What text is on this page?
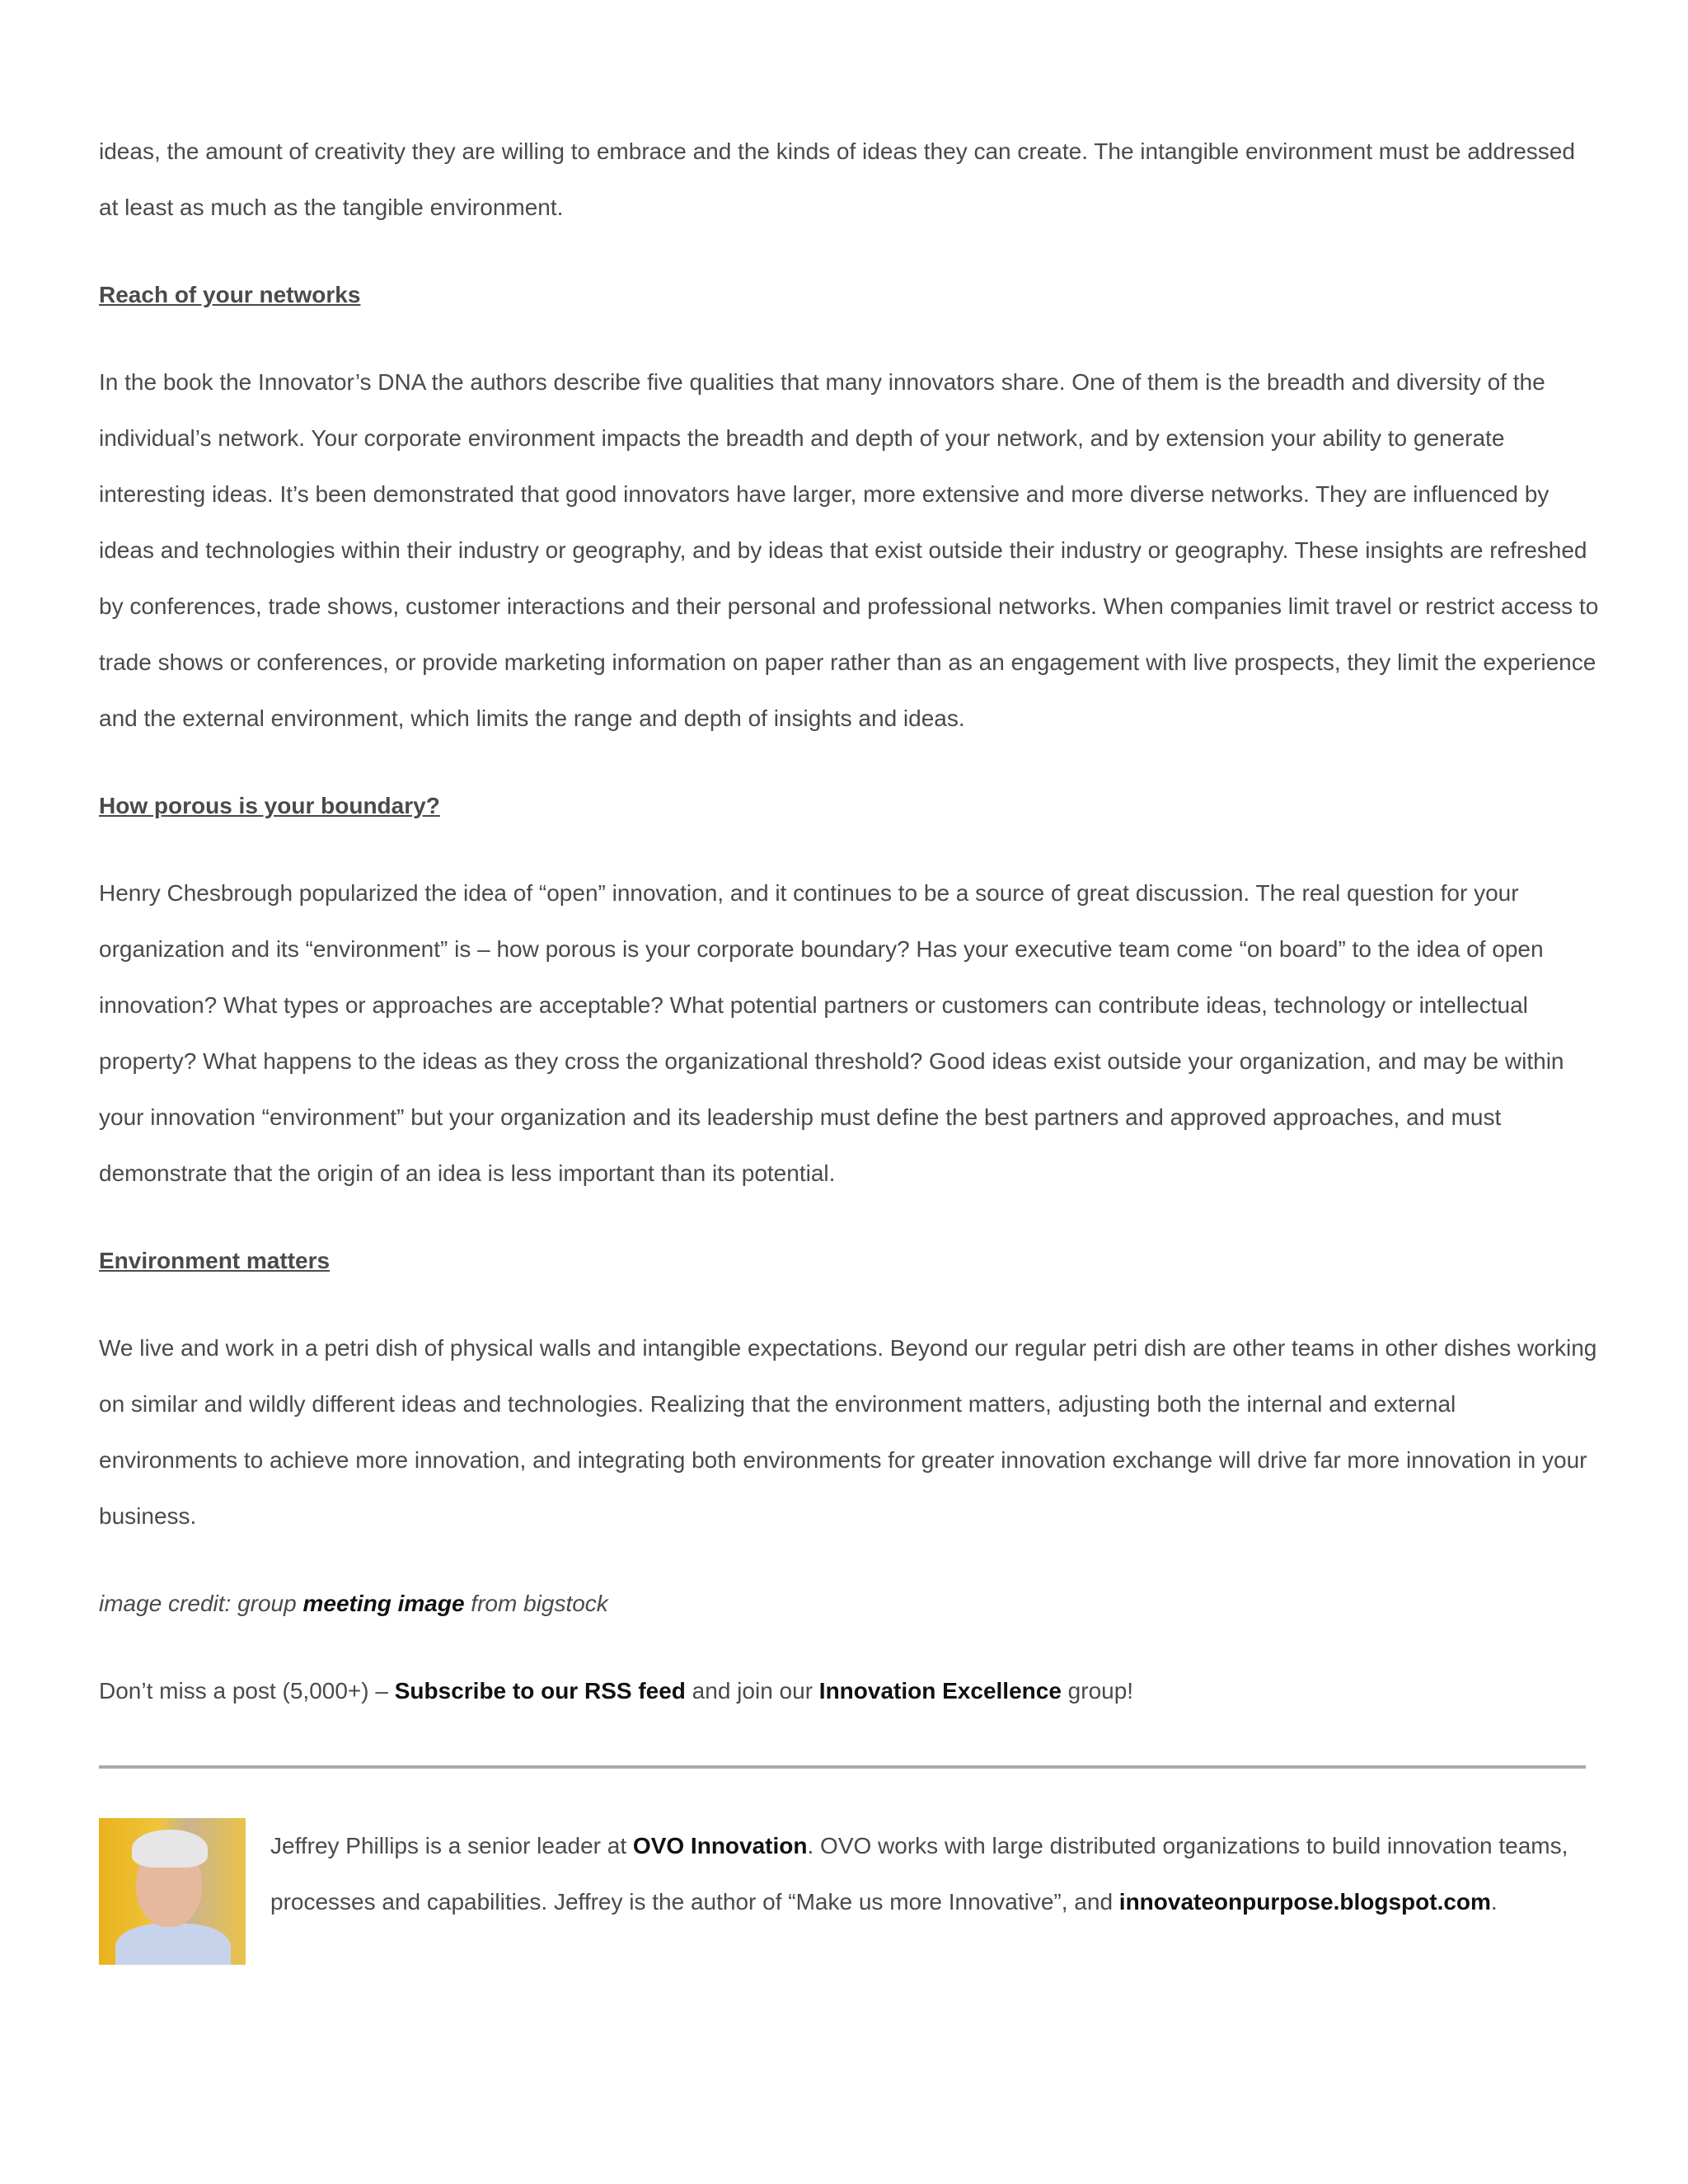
ideas, the amount of creativity they are willing to embrace and the kinds of ideas they can create. The intangible environment must be addressed at least as much as the tangible environment.

Reach of your networks

In the book the Innovator’s DNA the authors describe five qualities that many innovators share. One of them is the breadth and diversity of the individual’s network. Your corporate environment impacts the breadth and depth of your network, and by extension your ability to generate interesting ideas. It’s been demonstrated that good innovators have larger, more extensive and more diverse networks. They are influenced by ideas and technologies within their industry or geography, and by ideas that exist outside their industry or geography. These insights are refreshed by conferences, trade shows, customer interactions and their personal and professional networks. When companies limit travel or restrict access to trade shows or conferences, or provide marketing information on paper rather than as an engagement with live prospects, they limit the experience and the external environment, which limits the range and depth of insights and ideas.

How porous is your boundary?

Henry Chesbrough popularized the idea of “open” innovation, and it continues to be a source of great discussion. The real question for your organization and its “environment” is – how porous is your corporate boundary? Has your executive team come “on board” to the idea of open innovation? What types or approaches are acceptable? What potential partners or customers can contribute ideas, technology or intellectual property? What happens to the ideas as they cross the organizational threshold? Good ideas exist outside your organization, and may be within your innovation “environment” but your organization and its leadership must define the best partners and approved approaches, and must demonstrate that the origin of an idea is less important than its potential.

Environment matters

We live and work in a petri dish of physical walls and intangible expectations. Beyond our regular petri dish are other teams in other dishes working on similar and wildly different ideas and technologies. Realizing that the environment matters, adjusting both the internal and external environments to achieve more innovation, and integrating both environments for greater innovation exchange will drive far more innovation in your business.

image credit: group meeting image from bigstock

Don’t miss a post (5,000+) – Subscribe to our RSS feed and join our Innovation Excellence group!

Jeffrey Phillips is a senior leader at OVO Innovation. OVO works with large distributed organizations to build innovation teams, processes and capabilities. Jeffrey is the author of “Make us more Innovative”, and innovateonpurpose.blogspot.com.
